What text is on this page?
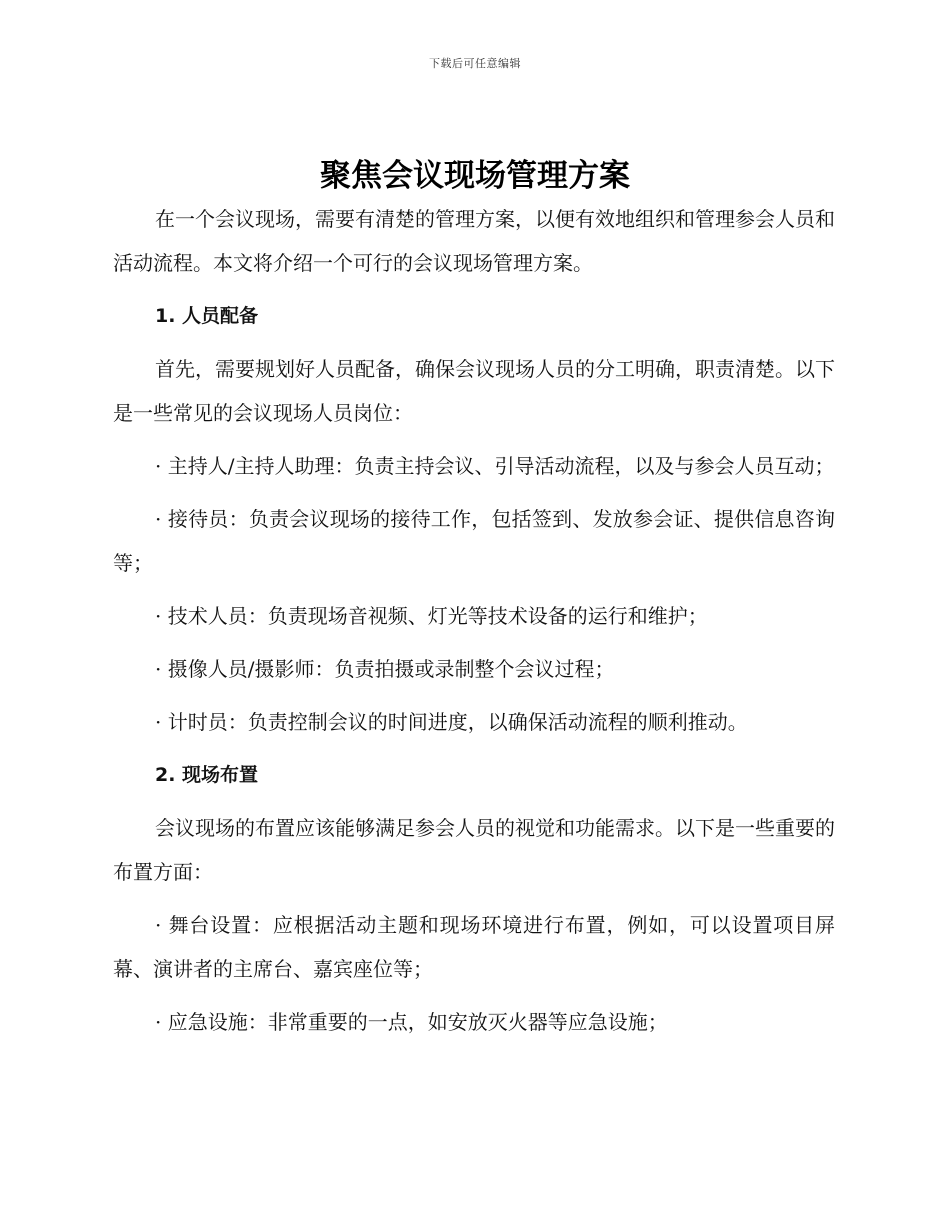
下载后可任意编辑
聚焦会议现场管理方案

在一个会议现场，需要有清楚的管理方案，以便有效地组织和管理参会人员和活动流程。本文将介绍一个可行的会议现场管理方案。

1. 人员配备

首先，需要规划好人员配备，确保会议现场人员的分工明确，职责清楚。以下是一些常见的会议现场人员岗位：

· 主持人/主持人助理：负责主持会议、引导活动流程，以及与参会人员互动；

· 接待员：负责会议现场的接待工作，包括签到、发放参会证、提供信息咨询等；

· 技术人员：负责现场音视频、灯光等技术设备的运行和维护；

· 摄像人员/摄影师：负责拍摄或录制整个会议过程；

· 计时员：负责控制会议的时间进度，以确保活动流程的顺利推动。

2. 现场布置

会议现场的布置应该能够满足参会人员的视觉和功能需求。以下是一些重要的布置方面：

· 舞台设置：应根据活动主题和现场环境进行布置，例如，可以设置项目屏幕、演讲者的主席台、嘉宾座位等；

· 应急设施：非常重要的一点，如安放灭火器等应急设施；
